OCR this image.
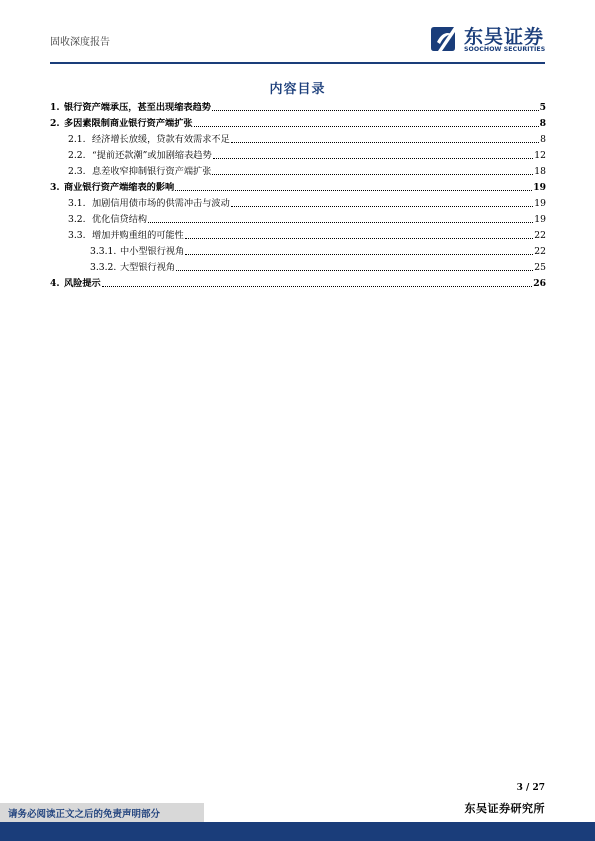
固收深度报告	东吴证券
SOOCHOW SECURITIES
内容目录
1. 银行资产端承压，甚至出现缩表趋势	5
2. 多因素限制商业银行资产端扩张	8
2.1. 经济增长放缓，贷款有效需求不足	8
2.2. “提前还款潮”或加剧缩表趋势	12
2.3. 息差收窄抑制银行资产端扩张	18
3. 商业银行资产端缩表的影响	19
3.1. 加剧信用债市场的供需冲击与波动	19
3.2. 优化信贷结构	19
3.3. 增加并购重组的可能性	22
3.3.1. 中小型银行视角	22
3.3.2. 大型银行视角	25
4. 风险提示	26
3 / 27
东吴证券研究所
请务必阅读正文之后的免责声明部分
